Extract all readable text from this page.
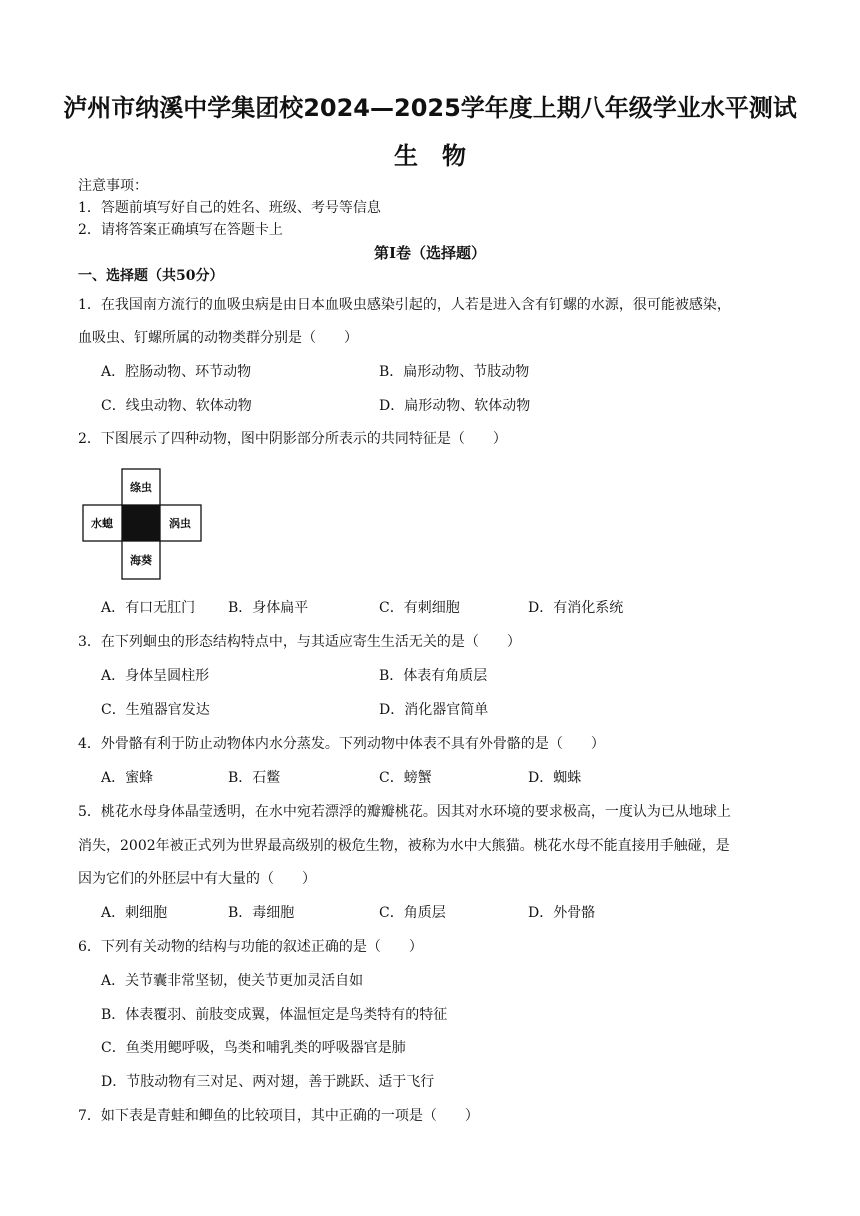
泸州市纳溪中学集团校2024—2025学年度上期八年级学业水平测试
生　物
注意事项：
1．答题前填写好自己的姓名、班级、考号等信息
2．请将答案正确填写在答题卡上
第Ⅰ卷（选择题）
一、选择题（共50分）
1．在我国南方流行的血吸虫病是由日本血吸虫感染引起的，人若是进入含有钉螺的水源，很可能被感染，
血吸虫、钉螺所属的动物类群分别是（　　）
A．腔肠动物、环节动物	B．扁形动物、节肢动物
C．线虫动物、软体动物	D．扁形动物、软体动物
2．下图展示了四种动物，图中阴影部分所表示的共同特征是（　　）
绦虫
水螅	涡虫
海葵
A．有口无肛门 B．身体扁平	C．有刺细胞	D．有消化系统
3．在下列蛔虫的形态结构特点中，与其适应寄生生活无关的是（　　）
A．身体呈圆柱形	B．体表有角质层
C．生殖器官发达	D．消化器官简单
4．外骨骼有利于防止动物体内水分蒸发。下列动物中体表不具有外骨骼的是（　　）
A．蜜蜂	B．石鳖	C．螃蟹	D．蜘蛛
5．桃花水母身体晶莹透明，在水中宛若漂浮的瓣瓣桃花。因其对水环境的要求极高，一度认为已从地球上
消失，2002年被正式列为世界最高级别的极危生物，被称为水中大熊猫。桃花水母不能直接用手触碰，是
因为它们的外胚层中有大量的（　　）
A．刺细胞	B．毒细胞	C．角质层	D．外骨骼
6．下列有关动物的结构与功能的叙述正确的是（　　）
A．关节囊非常坚韧，使关节更加灵活自如
B．体表覆羽、前肢变成翼，体温恒定是鸟类特有的特征
C．鱼类用鳃呼吸，鸟类和哺乳类的呼吸器官是肺
D．节肢动物有三对足、两对翅，善于跳跃、适于飞行
7．如下表是青蛙和鲫鱼的比较项目，其中正确的一项是（　　）
